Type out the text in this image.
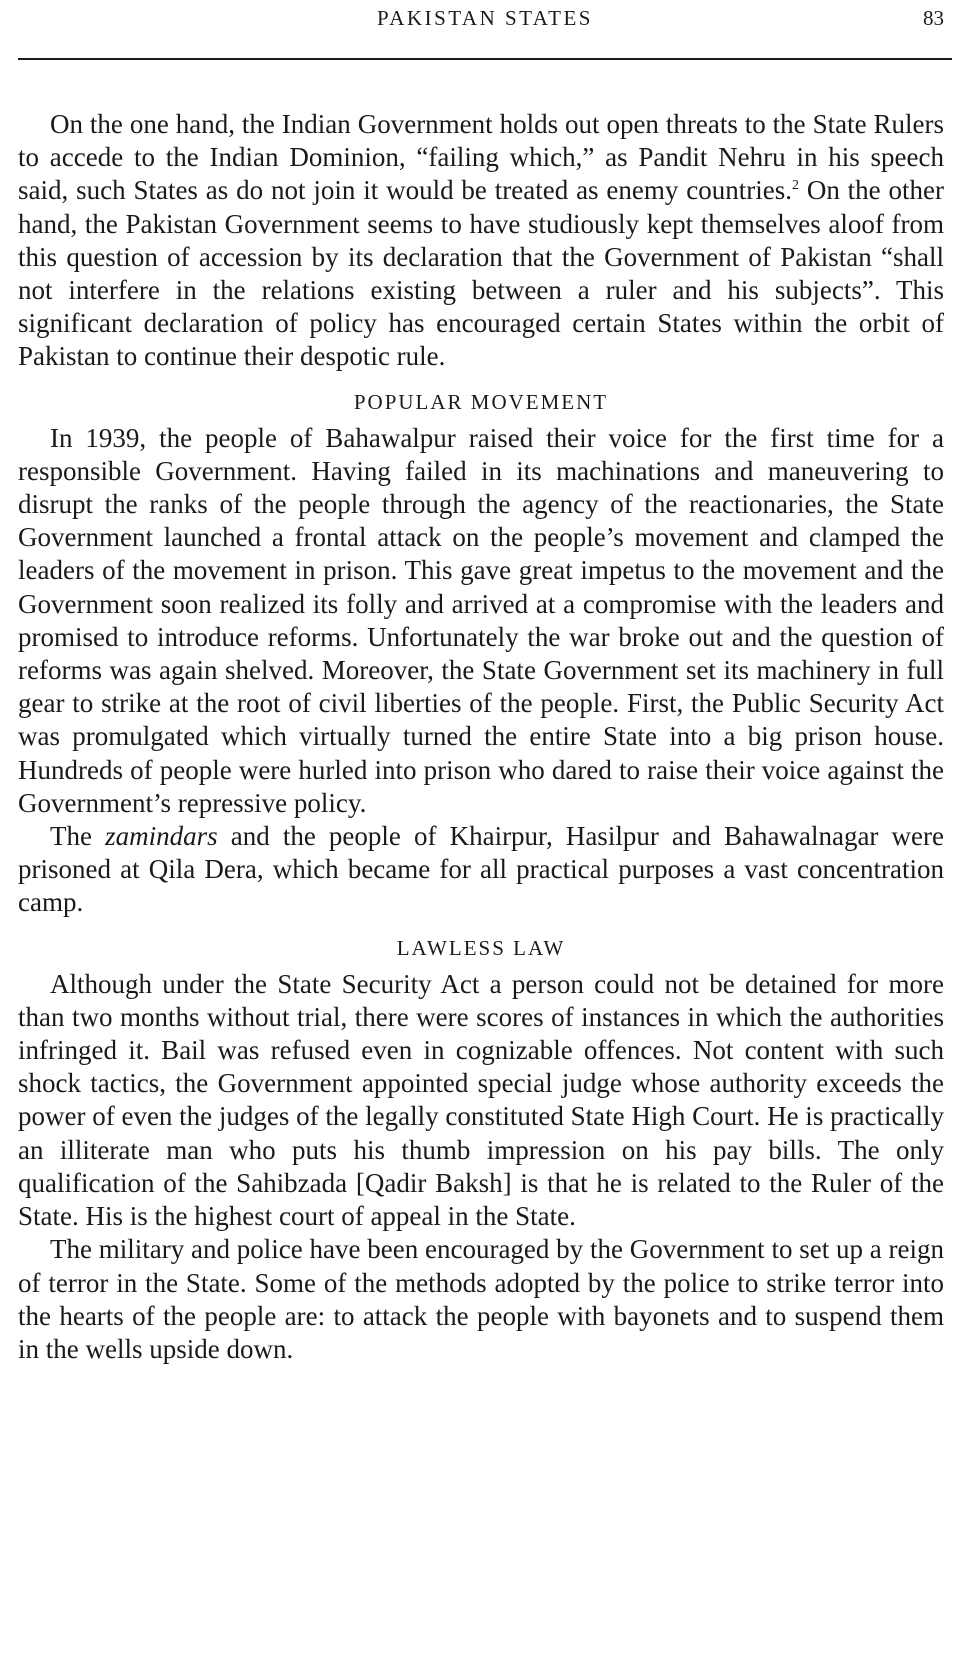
PAKISTAN STATES	83

On the one hand, the Indian Government holds out open threats to the State Rulers to accede to the Indian Dominion, “failing which,” as Pandit Nehru in his speech said, such States as do not join it would be treated as enemy countries.$^2$ On the other hand, the Pakistan Government seems to have studiously kept themselves aloof from this question of accession by its declaration that the Government of Pakistan “shall not interfere in the relations existing between a ruler and his subjects”. This significant declaration of policy has encouraged certain States within the orbit of Pakistan to continue their despotic rule.

POPULAR MOVEMENT

In 1939, the people of Bahawalpur raised their voice for the first time for a responsible Government. Having failed in its machinations and maneuvering to disrupt the ranks of the people through the agency of the reactionaries, the State Government launched a frontal attack on the people’s movement and clamped the leaders of the movement in prison. This gave great impetus to the movement and the Government soon realized its folly and arrived at a compromise with the leaders and promised to introduce reforms. Unfortunately the war broke out and the question of reforms was again shelved. Moreover, the State Government set its machinery in full gear to strike at the root of civil liberties of the people. First, the Public Security Act was promulgated which virtually turned the entire State into a big prison house. Hundreds of people were hurled into prison who dared to raise their voice against the Government’s repressive policy.

The zamindars and the people of Khairpur, Hasilpur and Bahawalnagar were prisoned at Qila Dera, which became for all practical purposes a vast concentration camp.

LAWLESS LAW

Although under the State Security Act a person could not be detained for more than two months without trial, there were scores of instances in which the authorities infringed it. Bail was refused even in cognizable offences. Not content with such shock tactics, the Government appointed special judge whose authority exceeds the power of even the judges of the legally constituted State High Court. He is practically an illiterate man who puts his thumb impression on his pay bills. The only qualification of the Sahibzada [Qadir Baksh] is that he is related to the Ruler of the State. His is the highest court of appeal in the State.

The military and police have been encouraged by the Government to set up a reign of terror in the State. Some of the methods adopted by the police to strike terror into the hearts of the people are: to attack the people with bayonets and to suspend them in the wells upside down.
